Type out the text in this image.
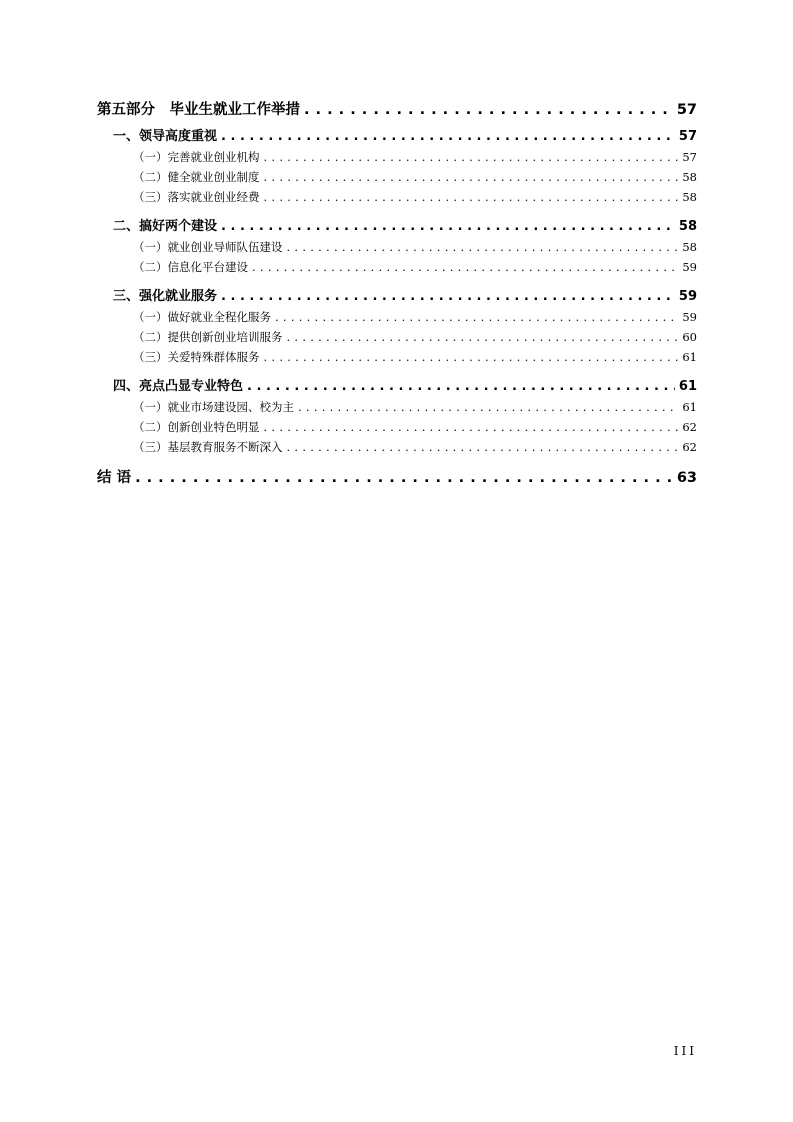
第五部分　毕业生就业工作举措 . . .	57
一、领导高度重视 . . .	57
（一）完善就业创业机构 . . .	57
（二）健全就业创业制度 . . .	58
（三）落实就业创业经费 . . .	58
二、搞好两个建设 . . .	58
（一）就业创业导师队伍建设 . . .	58
（二）信息化平台建设 . . .	59
三、强化就业服务 . . .	59
（一）做好就业全程化服务 . . .	59
（二）提供创新创业培训服务 . . .	60
（三）关爱特殊群体服务 . . .	61
四、亮点凸显专业特色 . . .	61
（一）就业市场建设园、校为主 . . .	61
（二）创新创业特色明显 . . .	62
（三）基层教育服务不断深入 . . .	62
结 语 . . .	63
III
